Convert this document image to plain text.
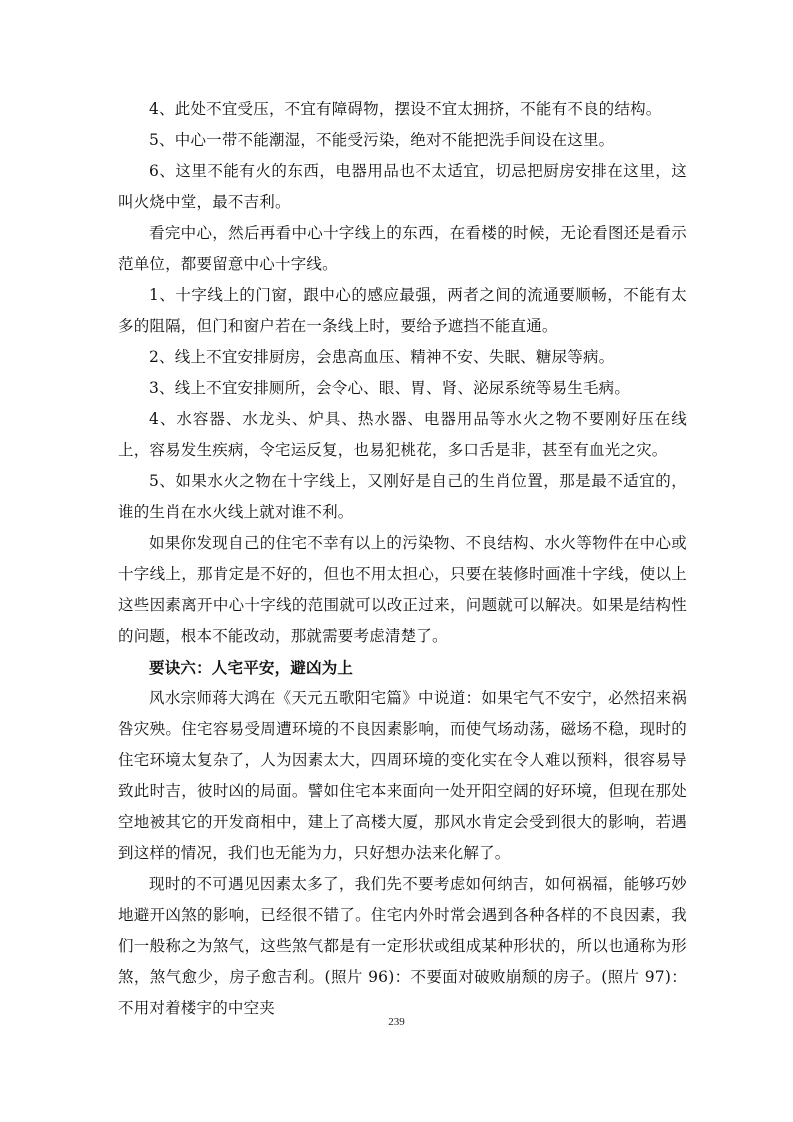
4、此处不宜受压，不宜有障碍物，摆设不宜太拥挤，不能有不良的结构。

5、中心一带不能潮湿，不能受污染，绝对不能把洗手间设在这里。

6、这里不能有火的东西，电器用品也不太适宜，切忌把厨房安排在这里，这叫火烧中堂，最不吉利。

看完中心，然后再看中心十字线上的东西，在看楼的时候，无论看图还是看示范单位，都要留意中心十字线。

1、十字线上的门窗，跟中心的感应最强，两者之间的流通要顺畅，不能有太多的阻隔，但门和窗户若在一条线上时，要给予遮挡不能直通。

2、线上不宜安排厨房，会患高血压、精神不安、失眠、糖尿等病。

3、线上不宜安排厕所，会令心、眼、胃、肾、泌尿系统等易生毛病。

4、水容器、水龙头、炉具、热水器、电器用品等水火之物不要刚好压在线上，容易发生疾病，令宅运反复，也易犯桃花，多口舌是非，甚至有血光之灾。

5、如果水火之物在十字线上，又刚好是自己的生肖位置，那是最不适宜的，谁的生肖在水火线上就对谁不利。

如果你发现自己的住宅不幸有以上的污染物、不良结构、水火等物件在中心或十字线上，那肯定是不好的，但也不用太担心，只要在装修时画准十字线，使以上这些因素离开中心十字线的范围就可以改正过来，问题就可以解决。如果是结构性的问题，根本不能改动，那就需要考虑清楚了。

要诀六：人宅平安，避凶为上

风水宗师蒋大鸿在《天元五歌阳宅篇》中说道：如果宅气不安宁，必然招来祸咎灾殃。住宅容易受周遭环境的不良因素影响，而使气场动荡，磁场不稳，现时的住宅环境太复杂了，人为因素太大，四周环境的变化实在令人难以预料，很容易导致此时吉，彼时凶的局面。譬如住宅本来面向一处开阳空阔的好环境，但现在那处空地被其它的开发商相中，建上了高楼大厦，那风水肯定会受到很大的影响，若遇到这样的情况，我们也无能为力，只好想办法来化解了。

现时的不可遇见因素太多了，我们先不要考虑如何纳吉，如何祸福，能够巧妙地避开凶煞的影响，已经很不错了。住宅内外时常会遇到各种各样的不良因素，我们一般称之为煞气，这些煞气都是有一定形状或组成某种形状的，所以也通称为形煞，煞气愈少，房子愈吉利。(照片 96)：不要面对破败崩颓的房子。(照片 97)：不用对着楼宇的中空夹

239
